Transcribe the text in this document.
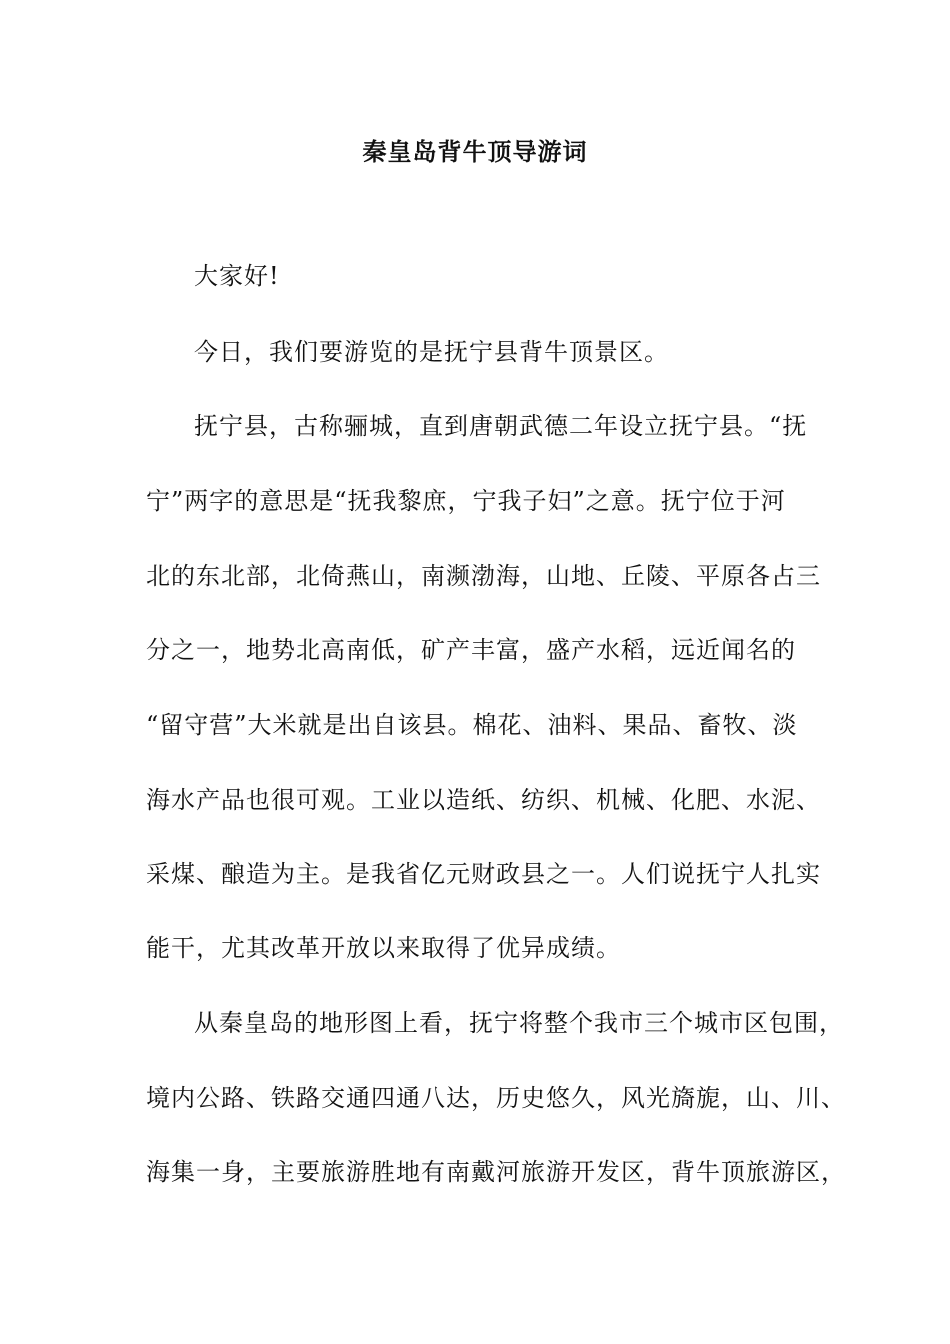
秦皇岛背牛顶导游词
大家好!
今日，我们要游览的是抚宁县背牛顶景区。
抚宁县，古称骊城，直到唐朝武德二年设立抚宁县。“抚
宁”两字的意思是“抚我黎庶，宁我子妇”之意。抚宁位于河
北的东北部，北倚燕山，南濒渤海，山地、丘陵、平原各占三
分之一，地势北高南低，矿产丰富，盛产水稻，远近闻名的
“留守营”大米就是出自该县。棉花、油料、果品、畜牧、淡
海水产品也很可观。工业以造纸、纺织、机械、化肥、水泥、
采煤、酿造为主。是我省亿元财政县之一。人们说抚宁人扎实
能干，尤其改革开放以来取得了优异成绩。
从秦皇岛的地形图上看，抚宁将整个我市三个城市区包围，
境内公路、铁路交通四通八达，历史悠久，风光旖旎，山、川、
海集一身，主要旅游胜地有南戴河旅游开发区，背牛顶旅游区，
